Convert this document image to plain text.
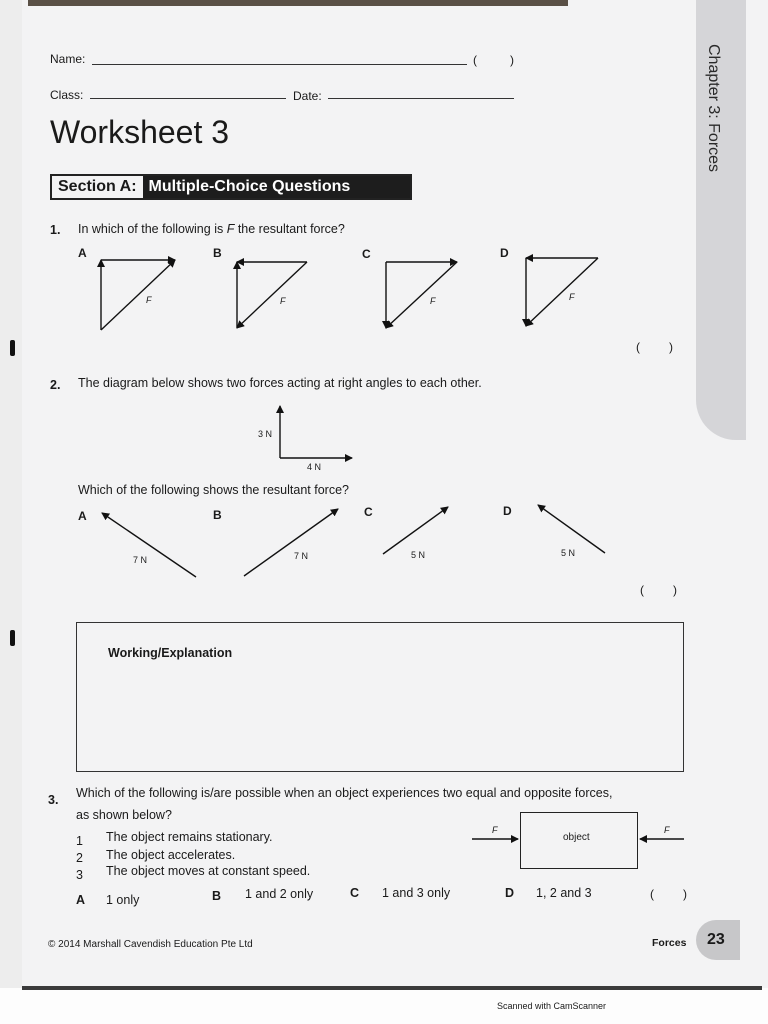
Chapter 3: Forces
Name:	(	)
Class:	Date:
Worksheet 3
Section A: Multiple-Choice Questions
1. In which of the following is F the resultant force?
A	B	C	D
F	F	F	F
( )
2. The diagram below shows two forces acting at right angles to each other.
3 N
4 N
Which of the following shows the resultant force?
A	B	C	D
7 N	7 N	5 N	5 N
( )
Working/Explanation
3. Which of the following is/are possible when an object experiences two equal and opposite forces,
as shown below?
1 The object remains stationary.
2 The object accelerates.
3 The object moves at constant speed.
object
F	F
A 1 only	B 1 and 2 only	C 1 and 3 only	D 1, 2 and 3	( )
© 2014 Marshall Cavendish Education Pte Ltd	Forces 23
Scanned with CamScanner
